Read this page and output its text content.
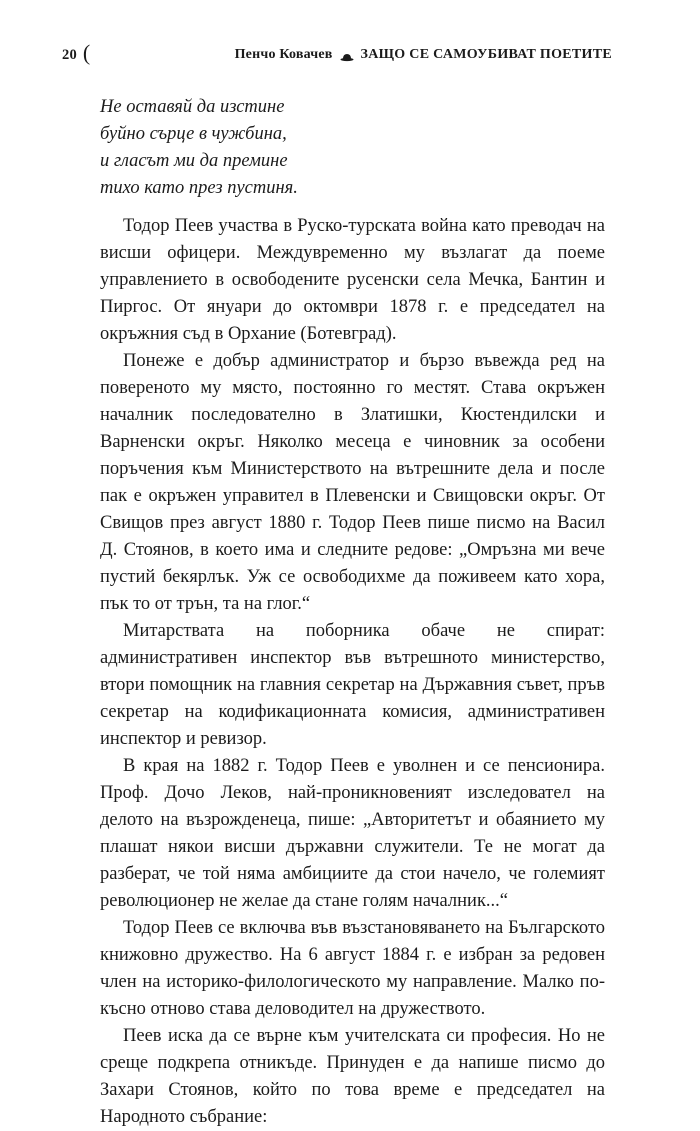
20 (	Пенчо Ковачев ЗАЩО СЕ САМОУБИВАТ ПОЕТИТЕ
Не оставяй да изстине
буйно сърце в чужбина,
и гласът ми да премине
тихо като през пустиня.

Тодор Пеев участва в Руско-турската война като преводач на висши офицери. Междувременно му възлагат да поеме управлението в освободените русенски села Мечка, Бантин и Пиргос. От януари до октомври 1878 г. е председател на окръжния съд в Орхание (Ботевград).

Понеже е добър администратор и бързо въвежда ред на повереното му място, постоянно го местят. Става окръжен началник последователно в Златишки, Кюстендилски и Варненски окръг. Няколко месеца е чиновник за особени поръчения към Министерството на вътрешните дела и после пак е окръжен управител в Плевенски и Свищовски окръг. От Свищов през август 1880 г. Тодор Пеев пише писмо на Васил Д. Стоянов, в което има и следните редове: „Омръзна ми вече пустий бекярлък. Уж се освободихме да поживеем като хора, пък то от трън, та на глог.“

Митарствата на поборника обаче не спират: административен инспектор във вътрешното министерство, втори помощник на главния секретар на Държавния съвет, пръв секретар на кодификационната комисия, административен инспектор и ревизор.

В края на 1882 г. Тодор Пеев е уволнен и се пенсионира. Проф. Дочо Леков, най-проникновеният изследовател на делото на възрожденеца, пише: „Авторитетът и обаянието му плашат някои висши държавни служители. Те не могат да разберат, че той няма амбициите да стои начело, че големият революционер не желае да стане голям началник...“

Тодор Пеев се включва във възстановяването на Българското книжовно дружество. На 6 август 1884 г. е избран за редовен член на историко-филологическото му направление. Малко по-късно отново става деловодител на дружеството.

Пеев иска да се върне към учителската си професия. Но не среще подкрепа отникъде. Принуден е да напише писмо до Захари Стоянов, който по това време е председател на Народното събрание:
